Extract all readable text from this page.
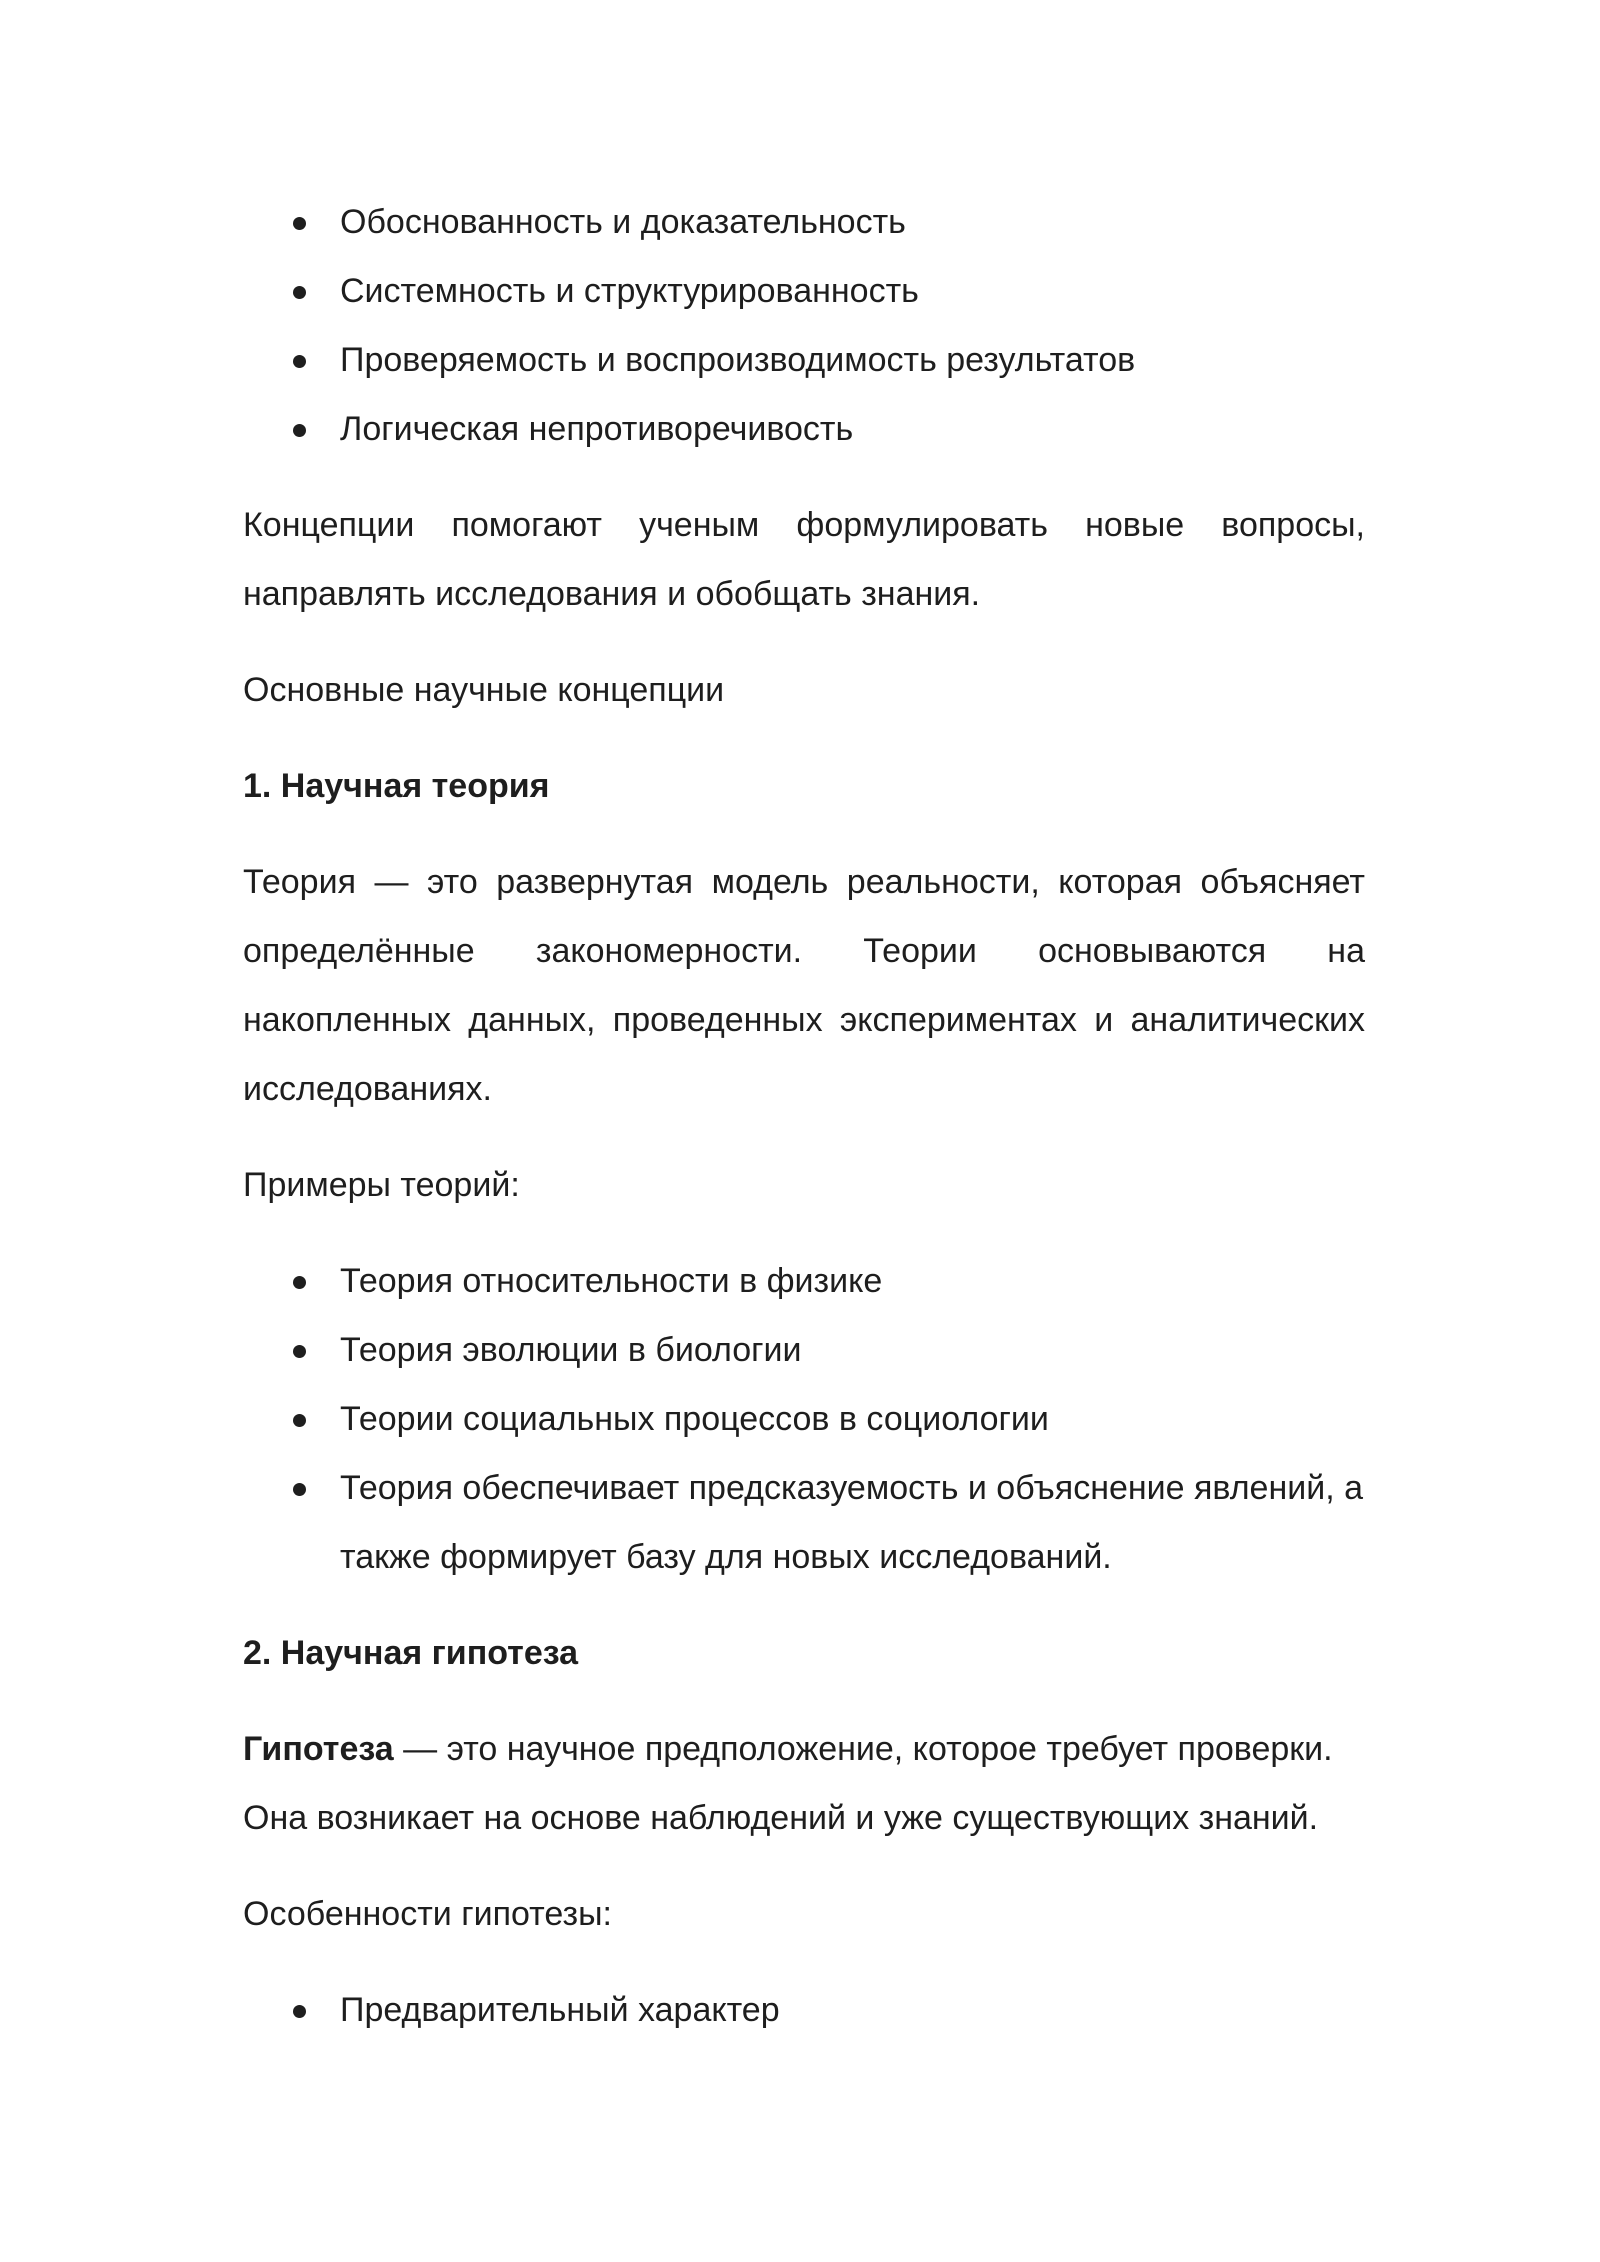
Обоснованность и доказательность
Системность и структурированность
Проверяемость и воспроизводимость результатов
Логическая непротиворечивость

Концепции помогают ученым формулировать новые вопросы, направлять исследования и обобщать знания.

Основные научные концепции

1. Научная теория

Теория — это развернутая модель реальности, которая объясняет определённые закономерности. Теории основываются на накопленных данных, проведенных экспериментах и аналитических исследованиях.

Примеры теорий:

Теория относительности в физике
Теория эволюции в биологии
Теории социальных процессов в социологии
Теория обеспечивает предсказуемость и объяснение явлений, а также формирует базу для новых исследований.

2. Научная гипотеза

Гипотеза — это научное предположение, которое требует проверки. Она возникает на основе наблюдений и уже существующих знаний.

Особенности гипотезы:

Предварительный характер
